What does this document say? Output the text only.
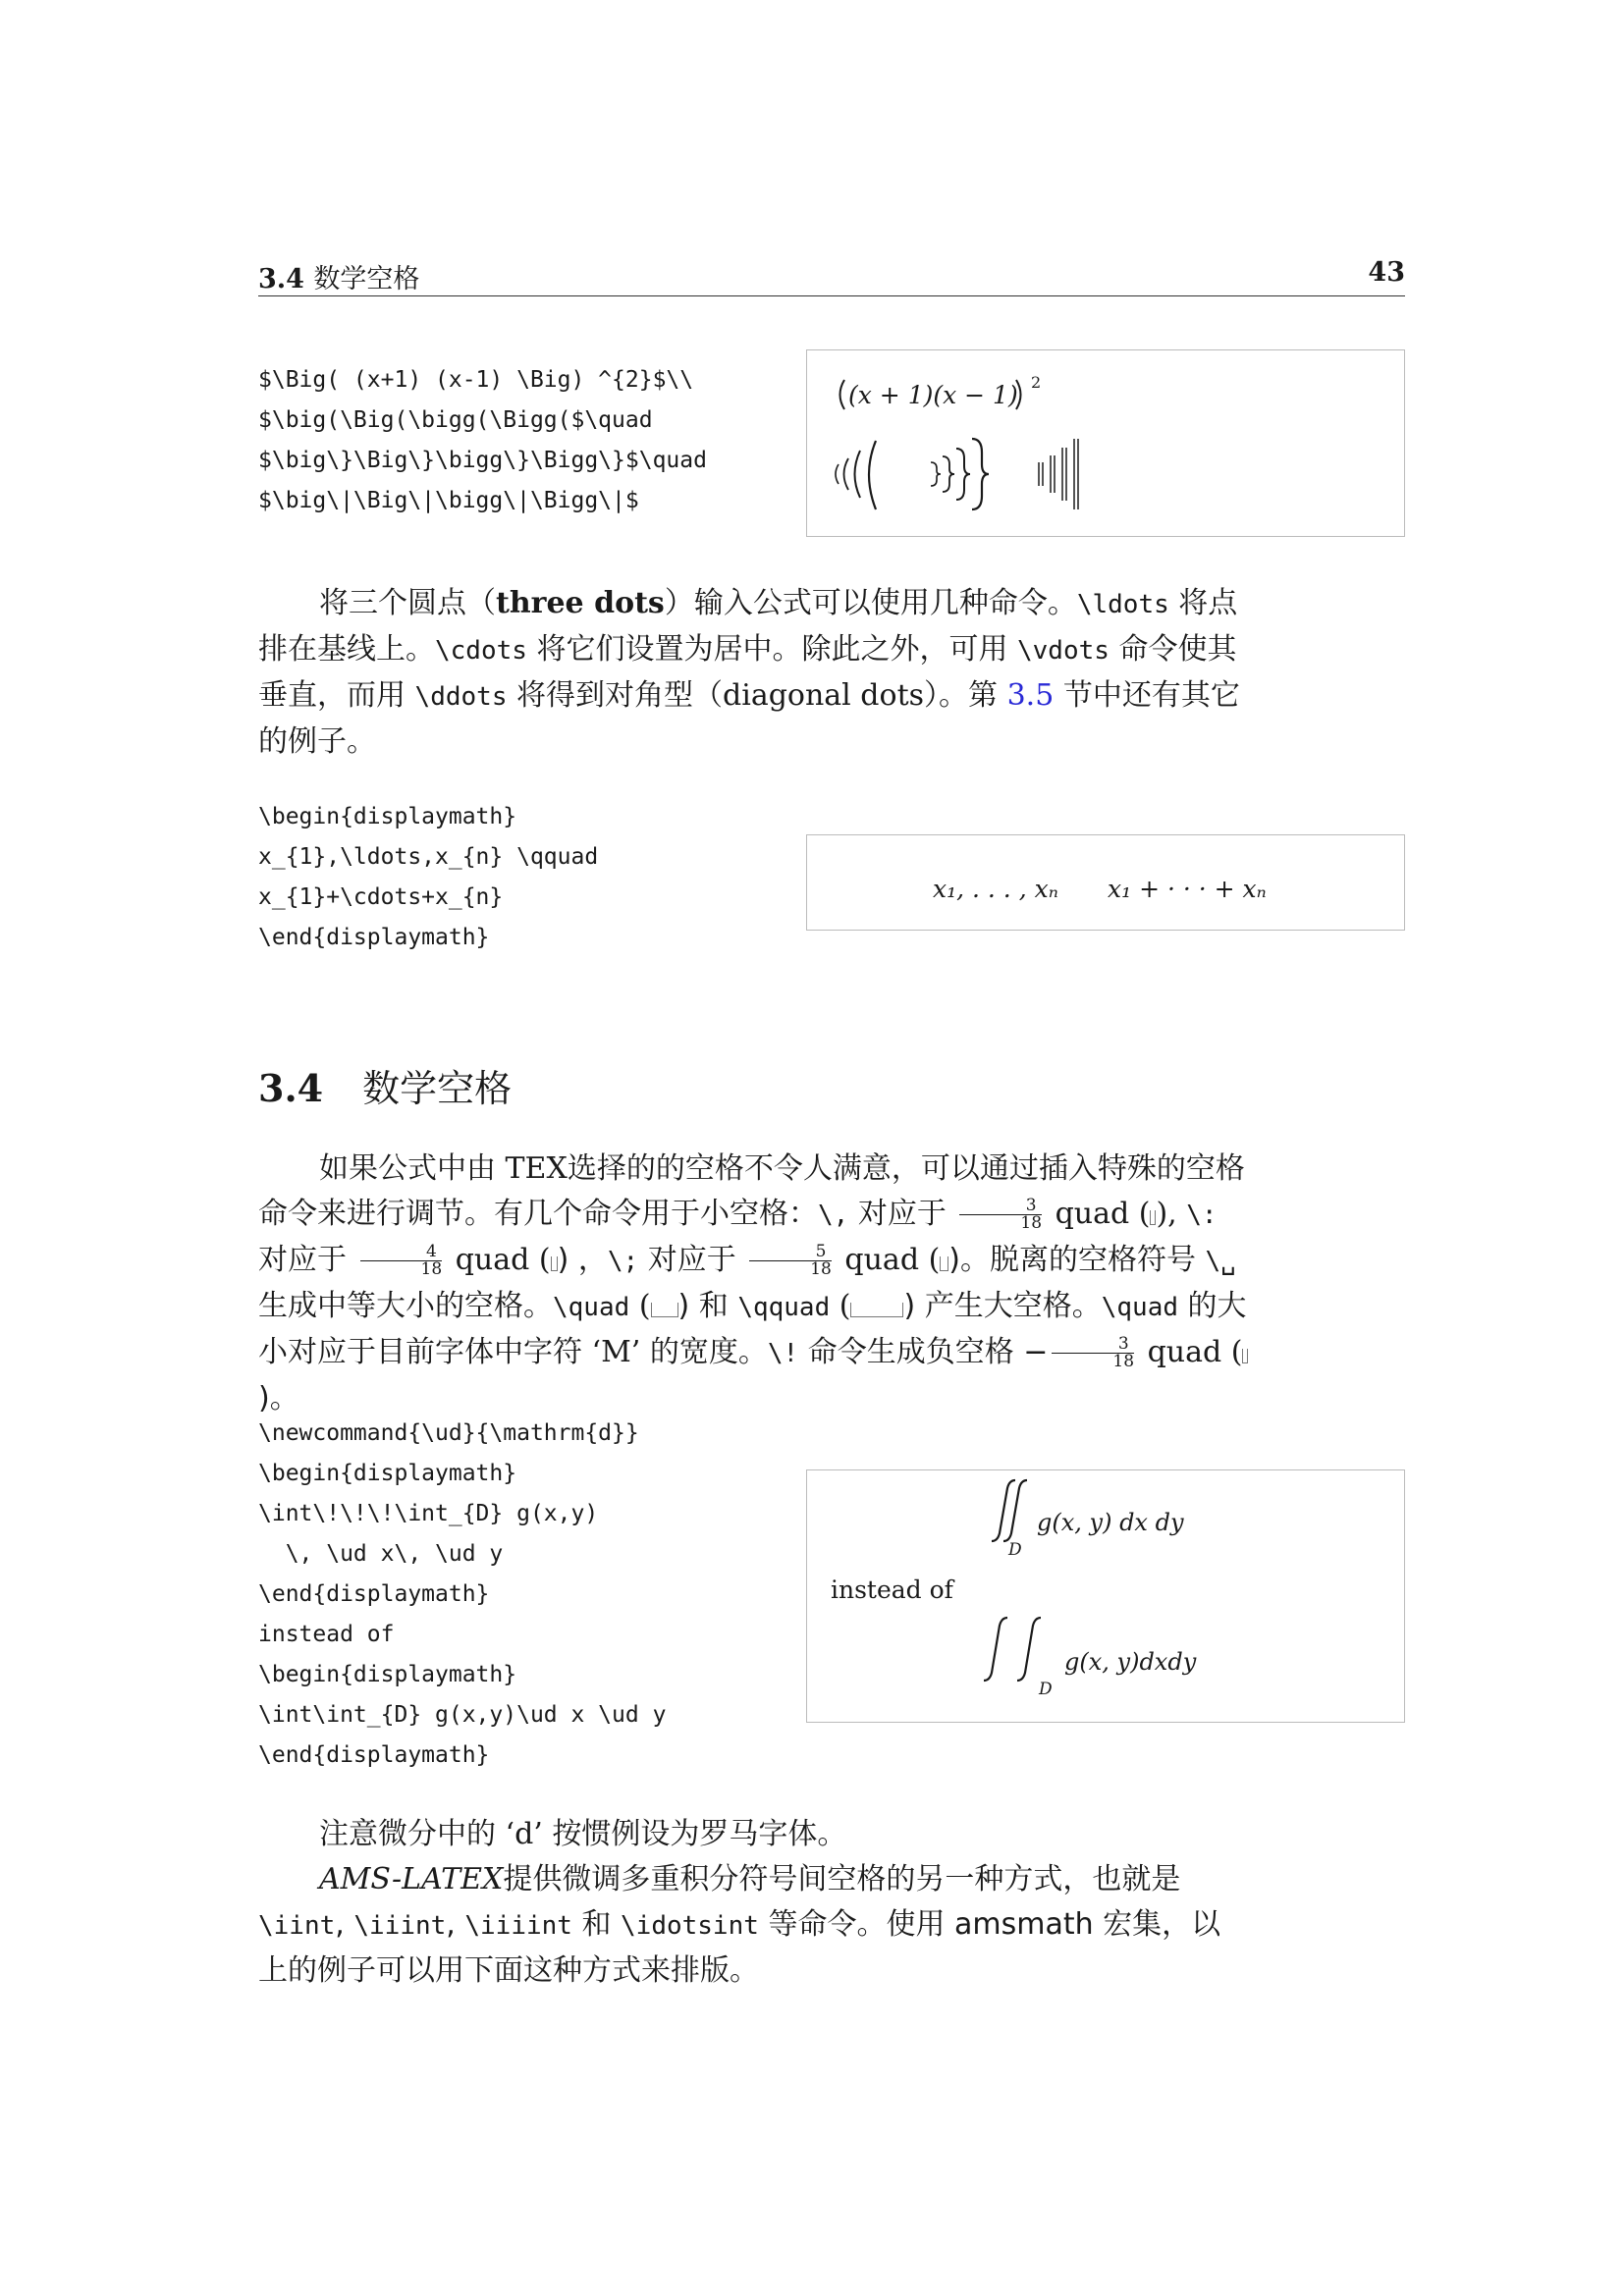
3.4 数学空格	43
$\Big( (x+1) (x-1) \Big) ^{2}$\\
$\big(\Big(\bigg(\Bigg($\quad
$\big\}\Big\}\bigg\}\Bigg\}$\quad
$\big\|\Big\|\bigg\|\Bigg\|$
(x + 1)(x − 1) 2

将三个圆点（three dots）输入公式可以使用几种命令。\ldots 将点排在基线上。\cdots 将它们设置为居中。除此之外，可用 \vdots 命令使其垂直，而用 \ddots 将得到对角型（diagonal dots）。第 3.5 节中还有其它的例子。

\begin{displaymath}
x_{1},\ldots,x_{n} \qquad
x_{1}+\cdots+x_{n}
\end{displaymath}
x₁, . . . , xₙ x₁ + · · · + xₙ
3.4 数学空格

如果公式中由 TEX选择的的空格不令人满意，可以通过插入特殊的空格命令来进行调节。有几个命令用于小空格：\, 对应于 $\frac{3}{18}$ quad ( ), \: 对应于 $\frac{4}{18}$ quad ( ) ，\; 对应于 $\frac{5}{18}$ quad ( )。脱离的空格符号 \␣ 生成中等大小的空格。\quad ( ) 和 \qquad ( ) 产生大空格。\quad 的大小对应于目前字体中字符 ‘M’ 的宽度。\! 命令生成负空格 − $\frac{3}{18}$ quad ()。

\newcommand{\ud}{\mathrm{d}}
\begin{displaymath}
\int\!\!\!\int_{D} g(x,y)
\, \ud x\, \ud y
\end{displaymath}
instead of
\begin{displaymath}
\int\int_{D} g(x,y)\ud x \ud y
\end{displaymath}
D
g(x, y) dx dy
instead of
D
g(x, y)dxdy

注意微分中的 ‘d’ 按惯例设为罗马字体。

AMS-LATEX提供微调多重积分符号间空格的另一种方式，也就是 \iint, \iiint, \iiiint 和 \idotsint 等命令。使用 amsmath 宏集，以上的例子可以用下面这种方式来排版。
